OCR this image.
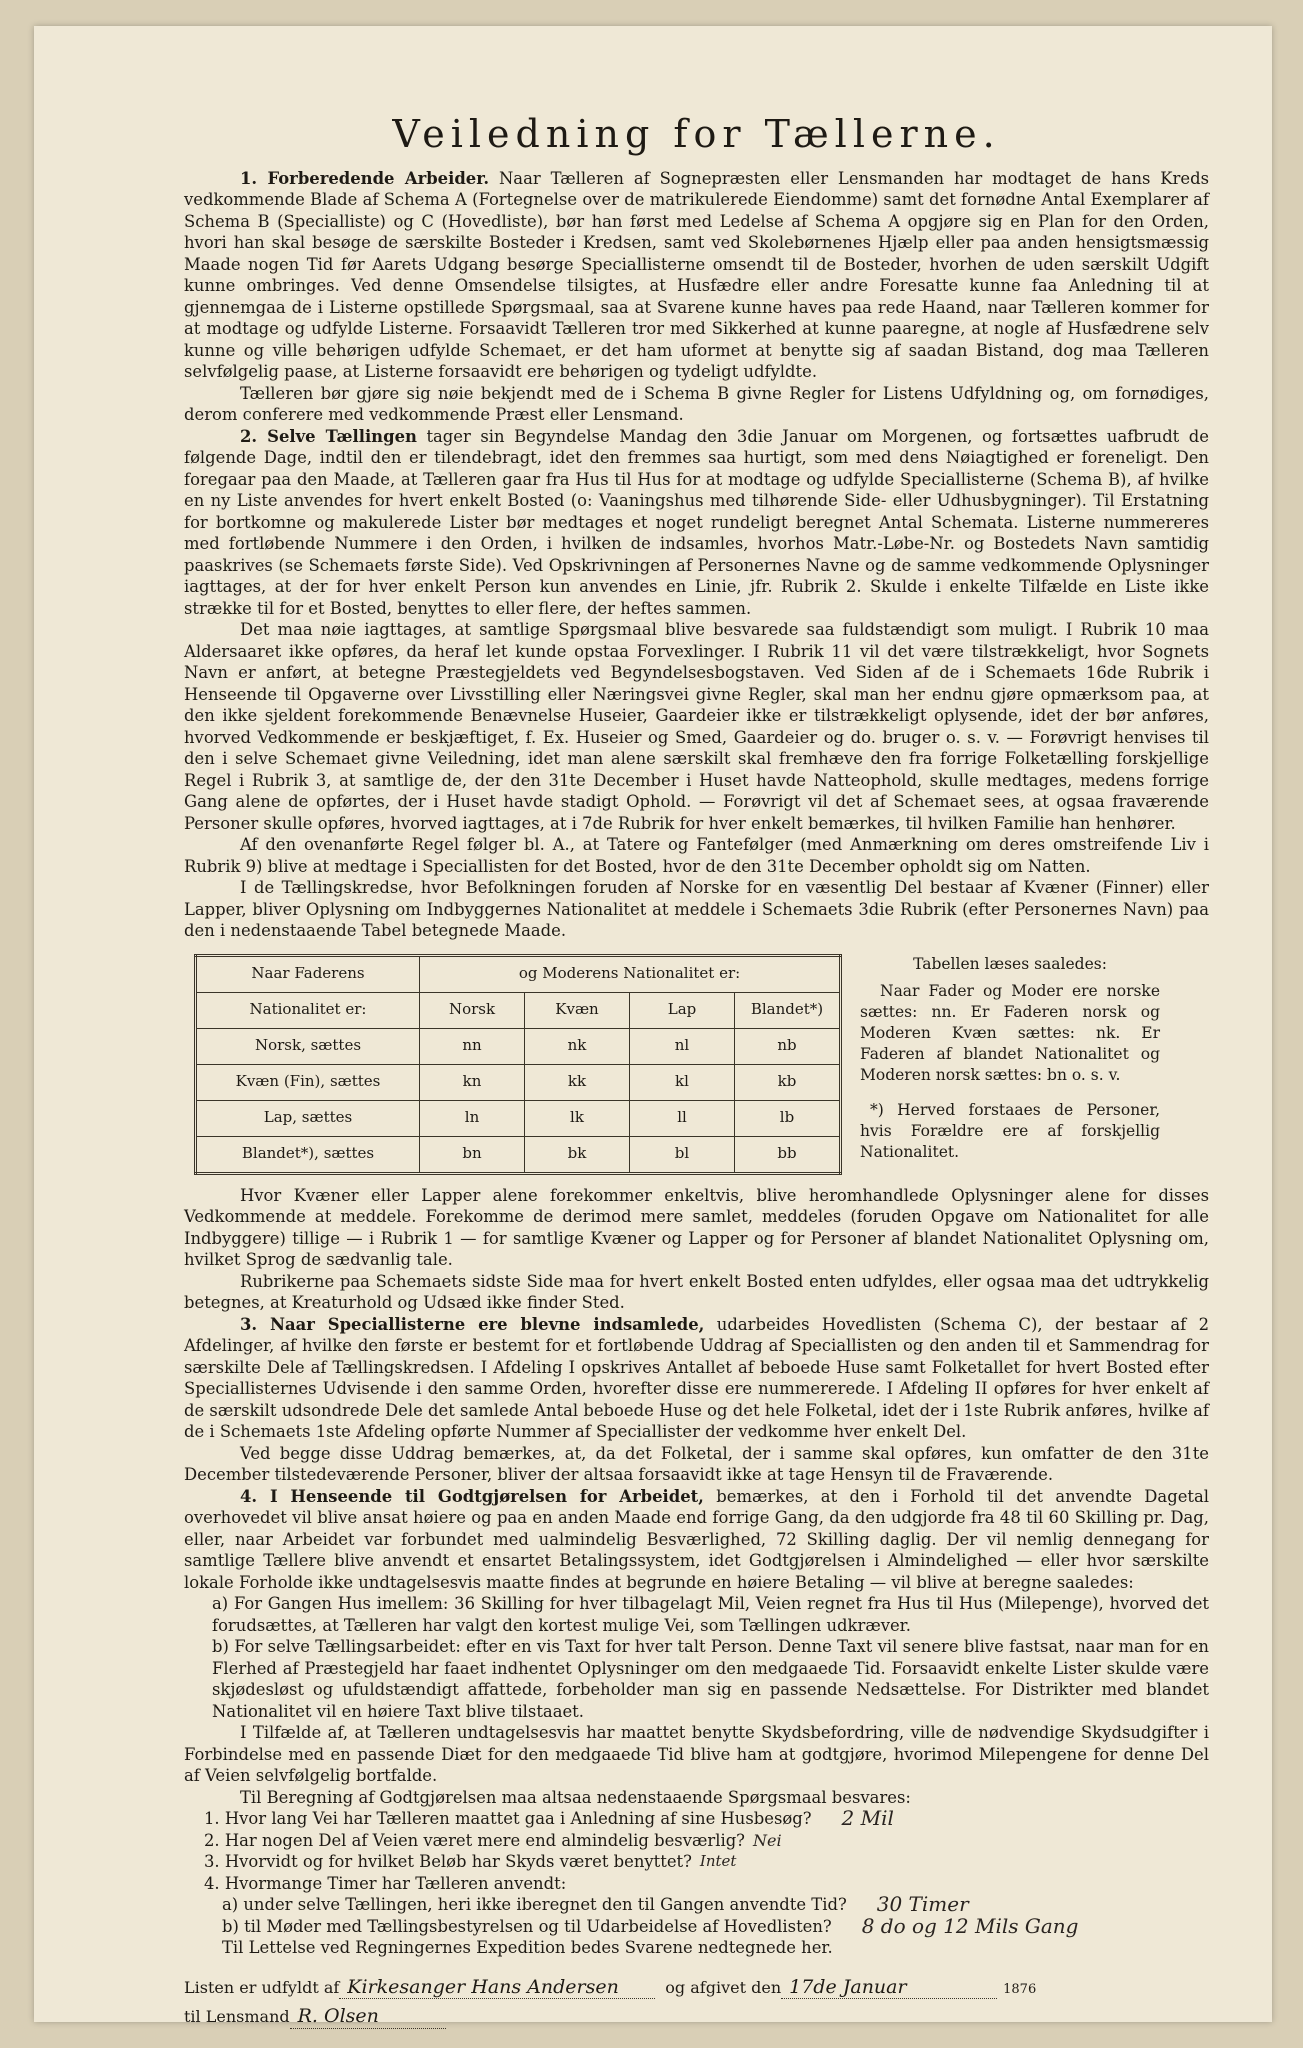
Veiledning for Tællerne.

1. Forberedende Arbeider. Naar Tælleren af Sognepræsten eller Lensmanden har modtaget de hans Kreds vedkommende Blade af Schema A (Fortegnelse over de matrikulerede Eiendomme) samt det fornødne Antal Exemplarer af Schema B (Specialliste) og C (Hovedliste), bør han først med Ledelse af Schema A opgjøre sig en Plan for den Orden, hvori han skal besøge de særskilte Bosteder i Kredsen, samt ved Skolebørnenes Hjælp eller paa anden hensigtsmæssig Maade nogen Tid før Aarets Udgang besørge Speciallisterne omsendt til de Bosteder, hvorhen de uden særskilt Udgift kunne ombringes. Ved denne Omsendelse tilsigtes, at Husfædre eller andre Foresatte kunne faa Anledning til at gjennemgaa de i Listerne opstillede Spørgsmaal, saa at Svarene kunne haves paa rede Haand, naar Tælleren kommer for at modtage og udfylde Listerne. Forsaavidt Tælleren tror med Sikkerhed at kunne paaregne, at nogle af Husfædrene selv kunne og ville behørigen udfylde Schemaet, er det ham uformet at benytte sig af saadan Bistand, dog maa Tælleren selvfølgelig paase, at Listerne forsaavidt ere behørigen og tydeligt udfyldte.

Tælleren bør gjøre sig nøie bekjendt med de i Schema B givne Regler for Listens Udfyldning og, om fornødiges, derom conferere med vedkommende Præst eller Lensmand.

2. Selve Tællingen tager sin Begyndelse Mandag den 3die Januar om Morgenen, og fortsættes uafbrudt de følgende Dage, indtil den er tilendebragt, idet den fremmes saa hurtigt, som med dens Nøiagtighed er foreneligt. Den foregaar paa den Maade, at Tælleren gaar fra Hus til Hus for at modtage og udfylde Speciallisterne (Schema B), af hvilke en ny Liste anvendes for hvert enkelt Bosted (o: Vaaningshus med tilhørende Side- eller Udhusbygninger). Til Erstatning for bortkomne og makulerede Lister bør medtages et noget rundeligt beregnet Antal Schemata. Listerne nummereres med fortløbende Nummere i den Orden, i hvilken de indsamles, hvorhos Matr.-Løbe-Nr. og Bostedets Navn samtidig paaskrives (se Schemaets første Side). Ved Opskrivningen af Personernes Navne og de samme vedkommende Oplysninger iagttages, at der for hver enkelt Person kun anvendes en Linie, jfr. Rubrik 2. Skulde i enkelte Tilfælde en Liste ikke strække til for et Bosted, benyttes to eller flere, der heftes sammen.

Det maa nøie iagttages, at samtlige Spørgsmaal blive besvarede saa fuldstændigt som muligt. I Rubrik 10 maa Aldersaaret ikke opføres, da heraf let kunde opstaa Forvexlinger. I Rubrik 11 vil det være tilstrækkeligt, hvor Sognets Navn er anført, at betegne Præstegjeldets ved Begyndelsesbogstaven. Ved Siden af de i Schemaets 16de Rubrik i Henseende til Opgaverne over Livsstilling eller Næringsvei givne Regler, skal man her endnu gjøre opmærksom paa, at den ikke sjeldent forekommende Benævnelse Huseier, Gaardeier ikke er tilstrækkeligt oplysende, idet der bør anføres, hvorved Vedkommende er beskjæftiget, f. Ex. Huseier og Smed, Gaardeier og do. bruger o. s. v. — Forøvrigt henvises til den i selve Schemaet givne Veiledning, idet man alene særskilt skal fremhæve den fra forrige Folketælling forskjellige Regel i Rubrik 3, at samtlige de, der den 31te December i Huset havde Natteophold, skulle medtages, medens forrige Gang alene de opførtes, der i Huset havde stadigt Ophold. — Forøvrigt vil det af Schemaet sees, at ogsaa fraværende Personer skulle opføres, hvorved iagttages, at i 7de Rubrik for hver enkelt bemærkes, til hvilken Familie han henhører.

Af den ovenanførte Regel følger bl. A., at Tatere og Fantefølger (med Anmærkning om deres omstreifende Liv i Rubrik 9) blive at medtage i Speciallisten for det Bosted, hvor de den 31te December opholdt sig om Natten.

I de Tællingskredse, hvor Befolkningen foruden af Norske for en væsentlig Del bestaar af Kvæner (Finner) eller Lapper, bliver Oplysning om Indbyggernes Nationalitet at meddele i Schemaets 3die Rubrik (efter Personernes Navn) paa den i nedenstaaende Tabel betegnede Maade.

Naar Faderens	og Moderens Nationalitet er:			
Nationalitet er:	Norsk	Kvæn	Lap	Blandet*)
Norsk, sættes	nn	nk	nl	nb
Kvæn (Fin), sættes	kn	kk	kl	kb
Lap, sættes	ln	lk	ll	lb
Blandet*), sættes	bn	bk	bl	bb

Tabellen læses saaledes:

Naar Fader og Moder ere norske sættes: nn. Er Faderen norsk og Moderen Kvæn sættes: nk. Er Faderen af blandet Nationalitet og Moderen norsk sættes: bn o. s. v.

*) Herved forstaaes de Personer, hvis Forældre ere af forskjellig Nationalitet.

Hvor Kvæner eller Lapper alene forekommer enkeltvis, blive heromhandlede Oplysninger alene for disses Vedkommende at meddele. Forekomme de derimod mere samlet, meddeles (foruden Opgave om Nationalitet for alle Indbyggere) tillige — i Rubrik 1 — for samtlige Kvæner og Lapper og for Personer af blandet Nationalitet Oplysning om, hvilket Sprog de sædvanlig tale.

Rubrikerne paa Schemaets sidste Side maa for hvert enkelt Bosted enten udfyldes, eller ogsaa maa det udtrykkelig betegnes, at Kreaturhold og Udsæd ikke finder Sted.

3. Naar Speciallisterne ere blevne indsamlede, udarbeides Hovedlisten (Schema C), der bestaar af 2 Afdelinger, af hvilke den første er bestemt for et fortløbende Uddrag af Speciallisten og den anden til et Sammendrag for særskilte Dele af Tællingskredsen. I Afdeling I opskrives Antallet af beboede Huse samt Folketallet for hvert Bosted efter Speciallisternes Udvisende i den samme Orden, hvorefter disse ere nummererede. I Afdeling II opføres for hver enkelt af de særskilt udsondrede Dele det samlede Antal beboede Huse og det hele Folketal, idet der i 1ste Rubrik anføres, hvilke af de i Schemaets 1ste Afdeling opførte Nummer af Speciallister der vedkomme hver enkelt Del.

Ved begge disse Uddrag bemærkes, at, da det Folketal, der i samme skal opføres, kun omfatter de den 31te December tilstedeværende Personer, bliver der altsaa forsaavidt ikke at tage Hensyn til de Fraværende.

4. I Henseende til Godtgjørelsen for Arbeidet, bemærkes, at den i Forhold til det anvendte Dagetal overhovedet vil blive ansat høiere og paa en anden Maade end forrige Gang, da den udgjorde fra 48 til 60 Skilling pr. Dag, eller, naar Arbeidet var forbundet med ualmindelig Besværlighed, 72 Skilling daglig. Der vil nemlig dennegang for samtlige Tællere blive anvendt et ensartet Betalingssystem, idet Godtgjørelsen i Almindelighed — eller hvor særskilte lokale Forholde ikke undtagelsesvis maatte findes at begrunde en høiere Betaling — vil blive at beregne saaledes:

a) For Gangen Hus imellem: 36 Skilling for hver tilbagelagt Mil, Veien regnet fra Hus til Hus (Milepenge), hvorved det forudsættes, at Tælleren har valgt den kortest mulige Vei, som Tællingen udkræver.

b) For selve Tællingsarbeidet: efter en vis Taxt for hver talt Person. Denne Taxt vil senere blive fastsat, naar man for en Flerhed af Præstegjeld har faaet indhentet Oplysninger om den medgaaede Tid. Forsaavidt enkelte Lister skulde være skjødesløst og ufuldstændigt affattede, forbeholder man sig en passende Nedsættelse. For Distrikter med blandet Nationalitet vil en høiere Taxt blive tilstaaet.

I Tilfælde af, at Tælleren undtagelsesvis har maattet benytte Skydsbefordring, ville de nødvendige Skydsudgifter i Forbindelse med en passende Diæt for den medgaaede Tid blive ham at godtgjøre, hvorimod Milepengene for denne Del af Veien selvfølgelig bortfalde.

Til Beregning af Godtgjørelsen maa altsaa nedenstaaende Spørgsmaal besvares:

1. Hvor lang Vei har Tælleren maattet gaa i Anledning af sine Husbesøg? 2 Mil
2. Har nogen Del af Veien været mere end almindelig besværlig? Nei
3. Hvorvidt og for hvilket Beløb har Skyds været benyttet? Intet
4. Hvormange Timer har Tælleren anvendt:
a) under selve Tællingen, heri ikke iberegnet den til Gangen anvendte Tid? 30 Timer
b) til Møder med Tællingsbestyrelsen og til Udarbeidelse af Hovedlisten? 8 do og 12 Mils Gang
Til Lettelse ved Regningernes Expedition bedes Svarene nedtegnede her.
Listen er udfyldt af Kirkesanger Hans Andersen	og afgivet den 17de Januar	1876
til Lensmand R. Olsen
